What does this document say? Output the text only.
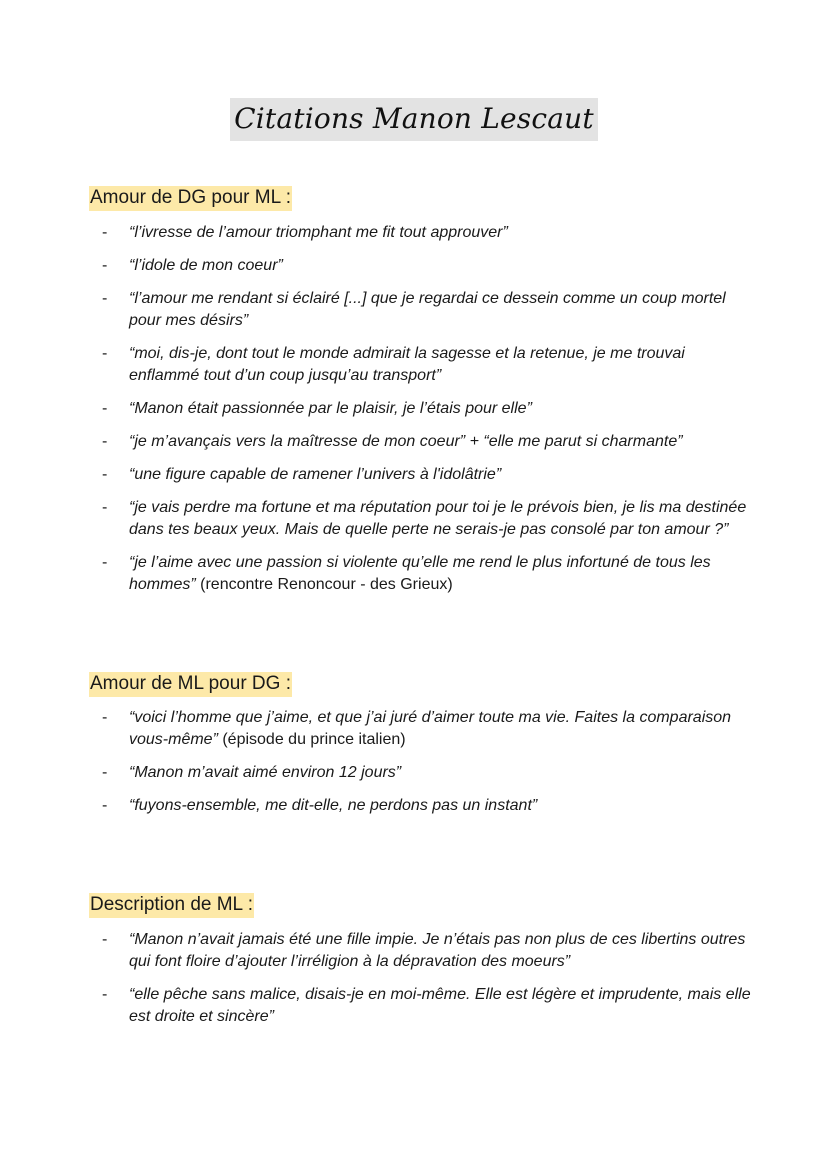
Citations Manon Lescaut
Amour de DG pour ML :
- “l’ivresse de l’amour triomphant me fit tout approuver”
- “l’idole de mon coeur”
- “l’amour me rendant si éclairé [...] que je regardai ce dessein comme un coup mortel pour mes désirs”
- “moi, dis-je, dont tout le monde admirait la sagesse et la retenue, je me trouvai enflammé tout d’un coup jusqu’au transport”
- “Manon était passionnée par le plaisir, je l’étais pour elle”
- “je m’avançais vers la maîtresse de mon coeur” + “elle me parut si charmante”
- “une figure capable de ramener l’univers à l'idolâtrie”
- “je vais perdre ma fortune et ma réputation pour toi je le prévois bien, je lis ma destinée dans tes beaux yeux. Mais de quelle perte ne serais-je pas consolé par ton amour ?”
- “je l’aime avec une passion si violente qu’elle me rend le plus infortuné de tous les hommes” (rencontre Renoncour - des Grieux)
Amour de ML pour DG :
- “voici l’homme que j’aime, et que j’ai juré d’aimer toute ma vie. Faites la comparaison vous-même” (épisode du prince italien)
- “Manon m’avait aimé environ 12 jours”
- “fuyons-ensemble, me dit-elle, ne perdons pas un instant”
Description de ML :
- “Manon n’avait jamais été une fille impie. Je n’étais pas non plus de ces libertins outres qui font floire d’ajouter l’irréligion à la dépravation des moeurs”
- “elle pêche sans malice, disais-je en moi-même. Elle est légère et imprudente, mais elle est droite et sincère”
